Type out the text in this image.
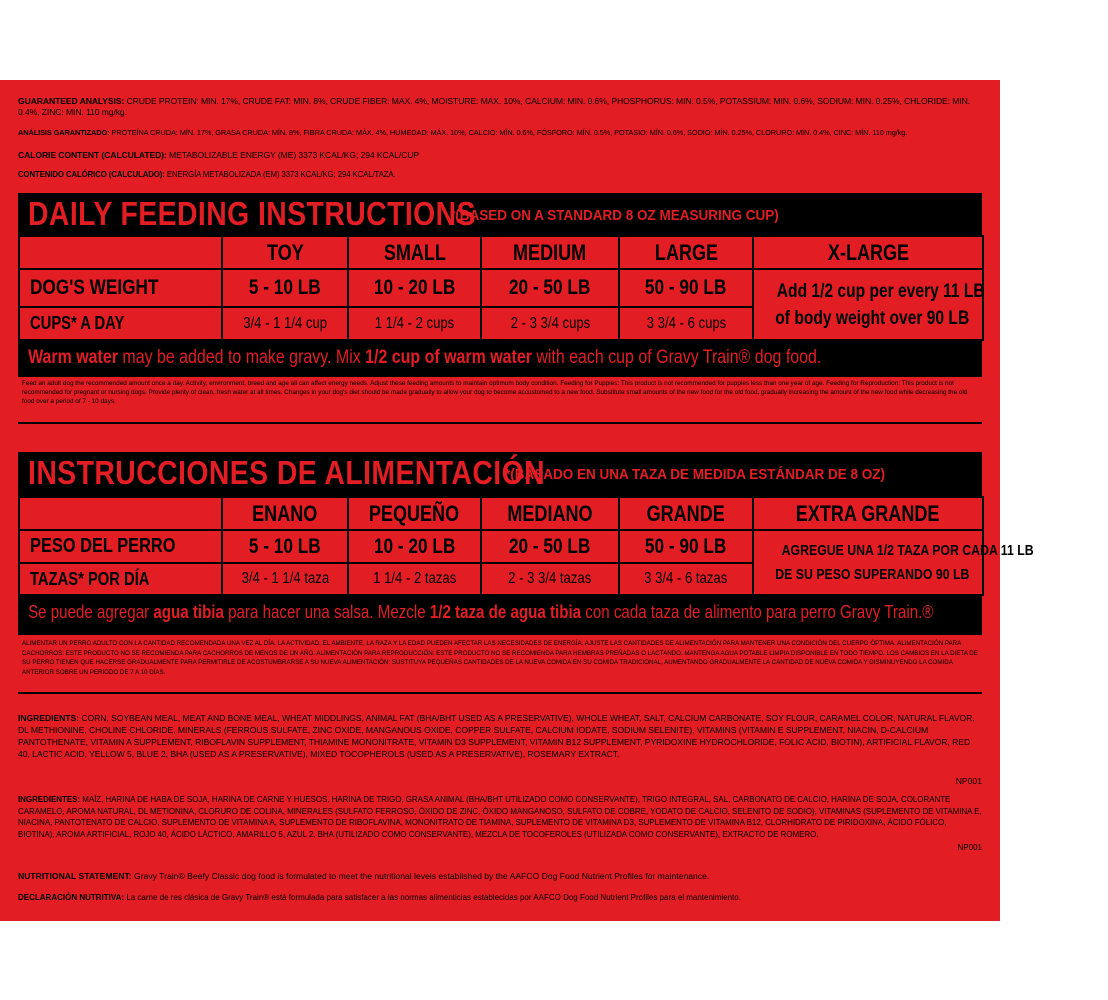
GUARANTEED ANALYSIS: CRUDE PROTEIN: MIN. 17%, CRUDE FAT: MIN. 8%, CRUDE FIBER: MAX. 4%, MOISTURE: MAX. 10%, CALCIUM: MIN. 0.6%, PHOSPHORUS: MIN. 0.5%, POTASSIUM: MIN. 0.6%, SODIUM: MIN. 0.25%, CHLORIDE: MIN. 0.4%, ZINC: MIN. 110 mg/kg.
ANÁLISIS GARANTIZADO: PROTEÍNA CRUDA: MÍN. 17%, GRASA CRUDA: MÍN. 8%, FIBRA CRUDA: MÁX. 4%, HUMEDAD: MÁX. 10%, CALCIO: MÍN. 0.6%, FÓSFORO: MÍN. 0.5%, POTASIO: MÍN. 0.6%, SODIO: MÍN. 0.25%, CLORURO: MÍN. 0.4%, CINC: MÍN. 110 mg/kg.
CALORIE CONTENT (CALCULATED): METABOLIZABLE ENERGY (ME) 3373 KCAL/KG; 294 KCAL/CUP
CONTENIDO CALÓRICO (CALCULADO): ENERGÍA METABOLIZADA (EM) 3373 KCAL/KG; 294 KCAL/TAZA.
DAILY FEEDING INSTRUCTIONS
*(BASED ON A STANDARD 8 OZ MEASURING CUP)
	TOY	SMALL	MEDIUM	LARGE	X-LARGE
DOG'S WEIGHT	5 - 10 LB	10 - 20 LB	20 - 50 LB	50 - 90 LB	Add 1/2 cup per every 11 LB
of body weight over 90 LB
CUPS* A DAY	3/4 - 1 1/4 cup	1 1/4 - 2 cups	2 - 3 3/4 cups	3 3/4 - 6 cups	
Warm water may be added to make gravy. Mix 1/2 cup of warm water with each cup of Gravy Train® dog food.
Feed an adult dog the recommended amount once a day. Activity, environment, breed and age all can affect energy needs. Adjust these feeding amounts to maintain optimum body condition. Feeding for Puppies: This product is not recommended for puppies less than one year of age. Feeding for Reproduction: This product is not recommended for pregnant or nursing dogs. Provide plenty of clean, fresh water at all times. Changes in your dog's diet should be made gradually to allow your dog to become accustomed to a new food. Substitute small amounts of the new food for the old food, gradually increasing the amount of the new food while decreasing the old food over a period of 7 - 10 days.
INSTRUCCIONES DE ALIMENTACIÓN
*(BASADO EN UNA TAZA DE MEDIDA ESTÁNDAR DE 8 OZ)
	ENANO	PEQUEÑO	MEDIANO	GRANDE	EXTRA GRANDE
PESO DEL PERRO	5 - 10 LB	10 - 20 LB	20 - 50 LB	50 - 90 LB	AGREGUE UNA 1/2 TAZA POR CADA 11 LB
DE SU PESO SUPERANDO 90 LB
TAZAS* POR DÍA	3/4 - 1 1/4 taza	1 1/4 - 2 tazas	2 - 3 3/4 tazas	3 3/4 - 6 tazas	
Se puede agregar agua tibia para hacer una salsa. Mezcle 1/2 taza de agua tibia con cada taza de alimento para perro Gravy Train.®
ALIMENTAR UN PERRO ADULTO CON LA CANTIDAD RECOMENDADA UNA VEZ AL DÍA. LA ACTIVIDAD, EL AMBIENTE, LA RAZA Y LA EDAD PUEDEN AFECTAR LAS NECESIDADES DE ENERGÍA. AJUSTE LAS CANTIDADES DE ALIMENTACIÓN PARA MANTENER UNA CONDICIÓN DEL CUERPO ÓPTIMA. ALIMENTACIÓN PARA CACHORROS: ESTE PRODUCTO NO SE RECOMIENDA PARA CACHORROS DE MENOS DE UN AÑO. ALIMENTACIÓN PARA REPRODUCCIÓN: ESTE PRODUCTO NO SE RECOMIENDA PARA HEMBRAS PREÑADAS O LACTANDO. MANTENGA AGUA POTABLE LIMPIA DISPONIBLE EN TODO TIEMPO. LOS CAMBIOS EN LA DIETA DE SU PERRO TIENEN QUE HACERSE GRADUALMENTE PARA PERMITIRLE DE ACOSTUMBRARSE A SU NUEVA ALIMENTACIÓN: SUSTITUYA PEQUEÑAS CANTIDADES DE LA NUEVA COMIDA EN SU COMIDA TRADICIONAL, AUMENTANDO GRADUALMENTE LA CANTIDAD DE NUEVA COMIDA Y DISMINUYENDO LA COMIDA ANTERIOR SOBRE UN PERIODO DE 7 A 10 DÍAS.
INGREDIENTS: CORN, SOYBEAN MEAL, MEAT AND BONE MEAL, WHEAT MIDDLINGS, ANIMAL FAT (BHA/BHT USED AS A PRESERVATIVE), WHOLE WHEAT, SALT, CALCIUM CARBONATE, SOY FLOUR, CARAMEL COLOR, NATURAL FLAVOR, DL METHIONINE, CHOLINE CHLORIDE, MINERALS (FERROUS SULFATE, ZINC OXIDE, MANGANOUS OXIDE, COPPER SULFATE, CALCIUM IODATE, SODIUM SELENITE), VITAMINS (VITAMIN E SUPPLEMENT, NIACIN, D-CALCIUM PANTOTHENATE, VITAMIN A SUPPLEMENT, RIBOFLAVIN SUPPLEMENT, THIAMINE MONONITRATE, VITAMIN D3 SUPPLEMENT, VITAMIN B12 SUPPLEMENT, PYRIDOXINE HYDROCHLORIDE, FOLIC ACID, BIOTIN), ARTIFICIAL FLAVOR, RED 40, LACTIC ACID, YELLOW 5, BLUE 2, BHA (USED AS A PRESERVATIVE), MIXED TOCOPHEROLS (USED AS A PRESERVATIVE), ROSEMARY EXTRACT.
NP001
INGREDIENTES: MAÍZ, HARINA DE HABA DE SOJA, HARINA DE CARNE Y HUESOS, HARINA DE TRIGO, GRASA ANIMAL (BHA/BHT UTILIZADO COMO CONSERVANTE), TRIGO INTEGRAL, SAL, CARBONATO DE CALCIO, HARINA DE SOJA, COLORANTE CARAMELO, AROMA NATURAL, DL METIONINA, CLORURO DE COLINA, MINERALES (SULFATO FERROSO, ÓXIDO DE ZINC, ÓXIDO MANGANOSO, SULFATO DE COBRE, YODATO DE CALCIO, SELENITO DE SODIO), VITAMINAS (SUPLEMENTO DE VITAMINA E, NIACINA, PANTOTENATO DE CALCIO, SUPLEMENTO DE VITAMINA A, SUPLEMENTO DE RIBOFLAVINA, MONONITRATO DE TIAMINA, SUPLEMENTO DE VITAMINA D3, SUPLEMENTO DE VITAMINA B12, CLORHIDRATO DE PIRIDOXINA, ÁCIDO FÓLICO, BIOTINA), AROMA ARTIFICIAL, ROJO 40, ÁCIDO LÁCTICO, AMARILLO 5, AZUL 2, BHA (UTILIZADO COMO CONSERVANTE), MEZCLA DE TOCOFEROLES (UTILIZADA COMO CONSERVANTE), EXTRACTO DE ROMERO.
NP001
NUTRITIONAL STATEMENT: Gravy Train® Beefy Classic dog food is formulated to meet the nutritional levels established by the AAFCO Dog Food Nutrient Profiles for maintenance.
DECLARACIÓN NUTRITIVA: La carne de res clásica de Gravy Train® está formulada para satisfacer a las normas alimenticias establecidas por AAFCO Dog Food Nutrient Profiles para el mantenimiento.
